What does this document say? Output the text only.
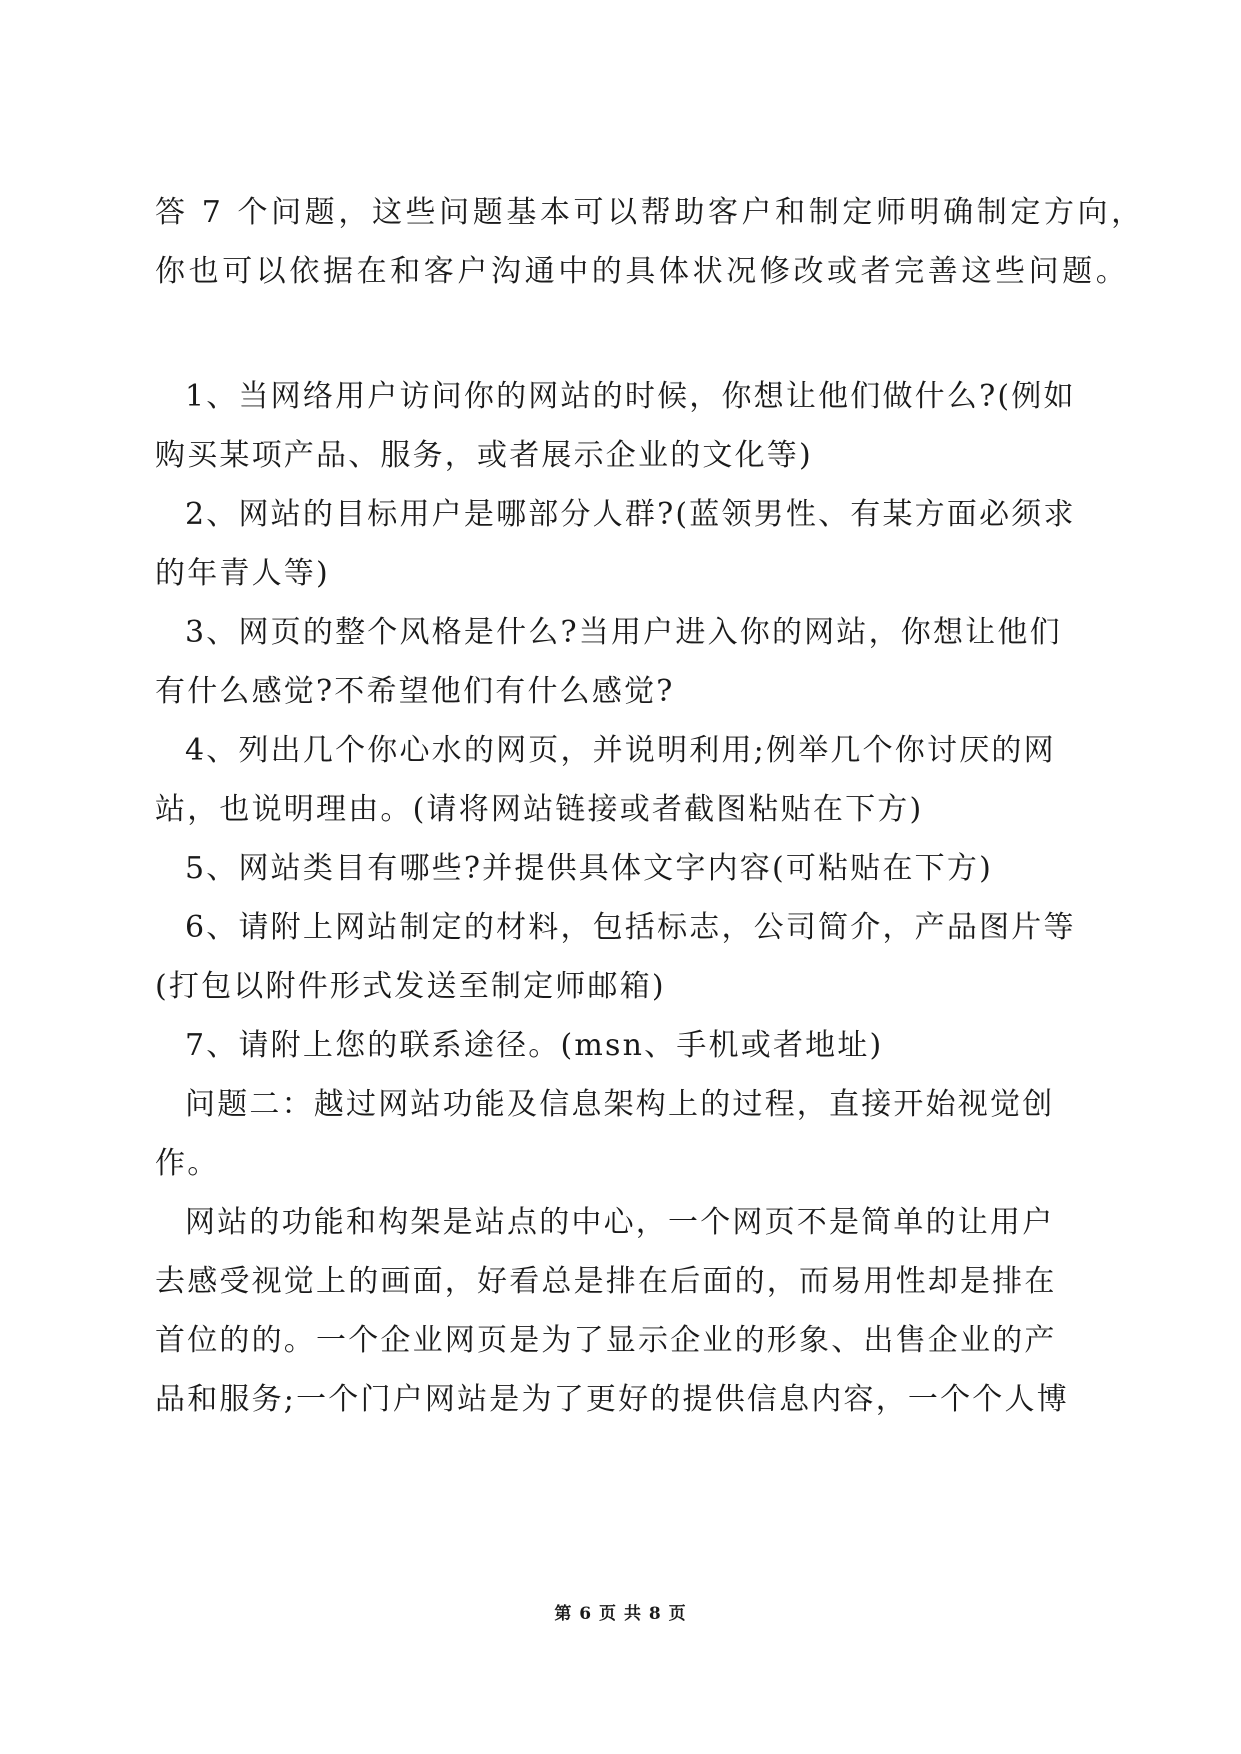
答 7 个问题，这些问题基本可以帮助客户和制定师明确制定方向，
你也可以依据在和客户沟通中的具体状况修改或者完善这些问题。
1、当网络用户访问你的网站的时候，你想让他们做什么?(例如
购买某项产品、服务，或者展示企业的文化等)
2、网站的目标用户是哪部分人群?(蓝领男性、有某方面必须求
的年青人等)
3、网页的整个风格是什么?当用户进入你的网站，你想让他们
有什么感觉?不希望他们有什么感觉?
4、列出几个你心水的网页，并说明利用;例举几个你讨厌的网
站，也说明理由。(请将网站链接或者截图粘贴在下方)
5、网站类目有哪些?并提供具体文字内容(可粘贴在下方)
6、请附上网站制定的材料，包括标志，公司简介，产品图片等
(打包以附件形式发送至制定师邮箱)
7、请附上您的联系途径。(msn、手机或者地址)
问题二：越过网站功能及信息架构上的过程，直接开始视觉创
作。
网站的功能和构架是站点的中心，一个网页不是简单的让用户
去感受视觉上的画面，好看总是排在后面的，而易用性却是排在
首位的的。一个企业网页是为了显示企业的形象、出售企业的产
品和服务;一个门户网站是为了更好的提供信息内容，一个个人博
第 6 页 共 8 页
